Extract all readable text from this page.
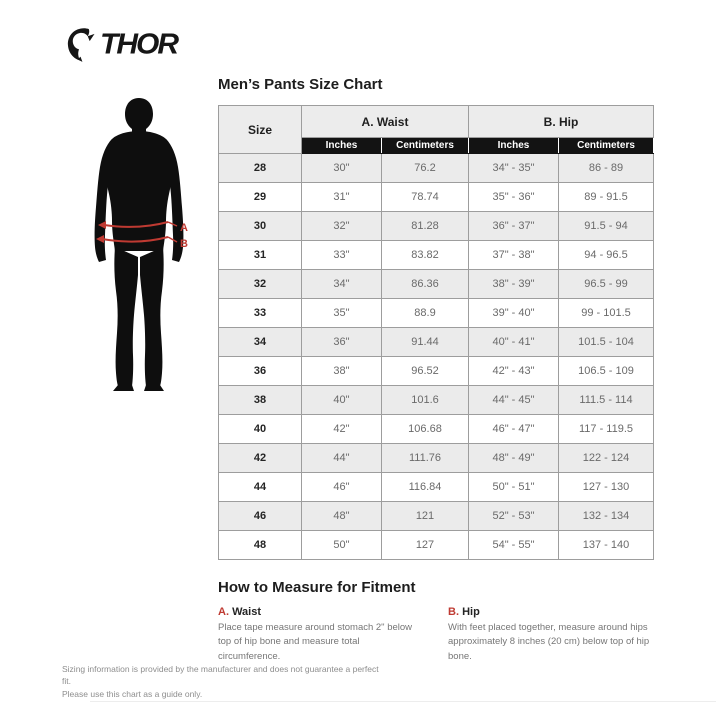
THOR
A
B
Men’s Pants Size Chart
Size	A. Waist		B. Hip	
	Inches	Centimeters	Inches	Centimeters
28	30"	76.2	34" - 35"	86 - 89
29	31"	78.74	35" - 36"	89 - 91.5
30	32"	81.28	36" - 37"	91.5 - 94
31	33"	83.82	37" - 38"	94 - 96.5
32	34"	86.36	38" - 39"	96.5 - 99
33	35"	88.9	39" - 40"	99 - 101.5
34	36"	91.44	40" - 41"	101.5 - 104
36	38"	96.52	42" - 43"	106.5 - 109
38	40"	101.6	44" - 45"	111.5 - 114
40	42"	106.68	46" - 47"	117 - 119.5
42	44"	111.76	48" - 49"	122 - 124
44	46"	116.84	50" - 51"	127 - 130
46	48"	121	52" - 53"	132 - 134
48	50"	127	54" - 55"	137 - 140
How to Measure for Fitment

A. Waist

Place tape measure around stomach 2" below top of hip bone and measure total circumference.

B. Hip

With feet placed together, measure around hips approximately 8 inches (20 cm) below top of hip bone.

Sizing information is provided by the manufacturer and does not guarantee a perfect fit.
Please use this chart as a guide only.
